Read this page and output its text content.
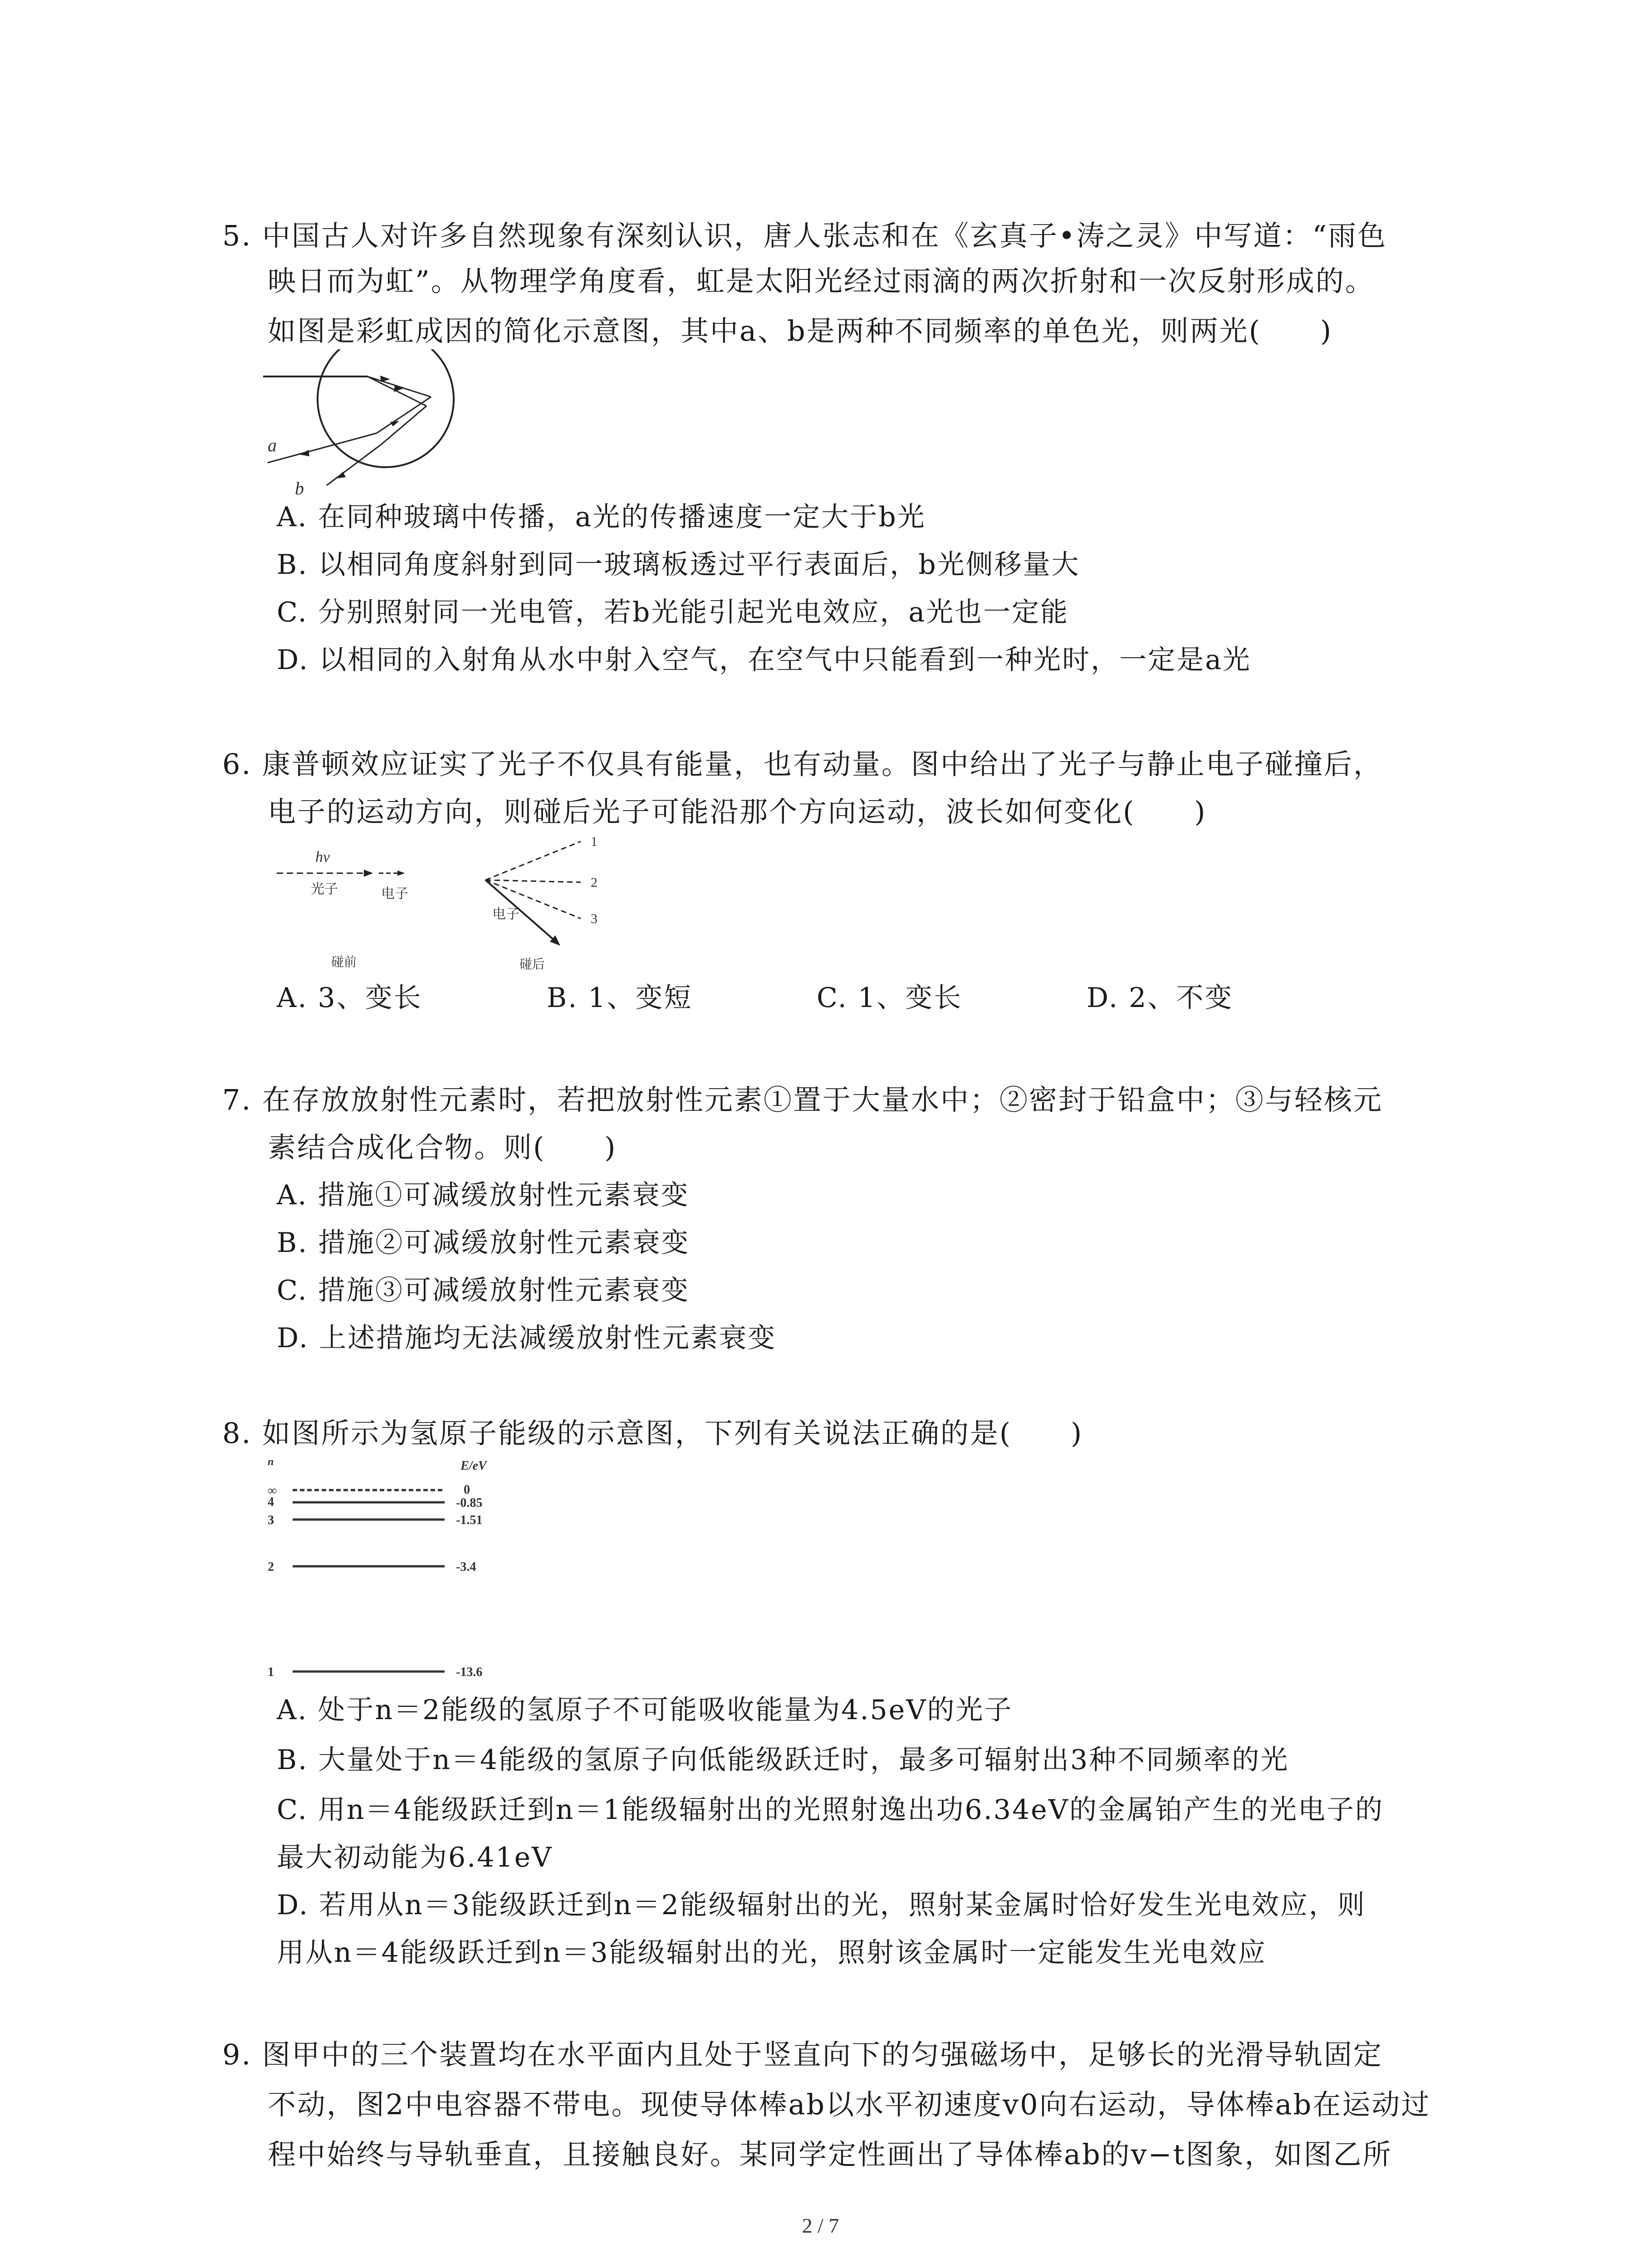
5. 中国古人对许多自然现象有深刻认识，唐人张志和在《玄真子•涛之灵》中写道：“雨色
映日而为虹”。从物理学角度看，虹是太阳光经过雨滴的两次折射和一次反射形成的。
如图是彩虹成因的简化示意图，其中a、b是两种不同频率的单色光，则两光(　　)
a
b
A. 在同种玻璃中传播，a光的传播速度一定大于b光
B. 以相同角度斜射到同一玻璃板透过平行表面后，b光侧移量大
C. 分别照射同一光电管，若b光能引起光电效应，a光也一定能
D. 以相同的入射角从水中射入空气，在空气中只能看到一种光时，一定是a光
6. 康普顿效应证实了光子不仅具有能量，也有动量。图中给出了光子与静止电子碰撞后，
电子的运动方向，则碰后光子可能沿那个方向运动，波长如何变化(　　)
hν
光子	电子
碰前
1
2
3
电子
碰后
A. 3、变长	B. 1、变短	C. 1、变长	D. 2、不变
7. 在存放放射性元素时，若把放射性元素①置于大量水中；②密封于铅盒中；③与轻核元
素结合成化合物。则(　　)
A. 措施①可减缓放射性元素衰变
B. 措施②可减缓放射性元素衰变
C. 措施③可减缓放射性元素衰变
D. 上述措施均无法减缓放射性元素衰变
8. 如图所示为氢原子能级的示意图，下列有关说法正确的是(　　)
n	E/eV
∞	0
4	-0.85
3	-1.51
2	-3.4
1	-13.6
A. 处于n＝2能级的氢原子不可能吸收能量为4.5eV的光子
B. 大量处于n＝4能级的氢原子向低能级跃迁时，最多可辐射出3种不同频率的光
C. 用n＝4能级跃迁到n＝1能级辐射出的光照射逸出功6.34eV的金属铂产生的光电子的
最大初动能为6.41eV
D. 若用从n＝3能级跃迁到n＝2能级辐射出的光，照射某金属时恰好发生光电效应，则
用从n＝4能级跃迁到n＝3能级辐射出的光，照射该金属时一定能发生光电效应
9. 图甲中的三个装置均在水平面内且处于竖直向下的匀强磁场中，足够长的光滑导轨固定
不动，图2中电容器不带电。现使导体棒ab以水平初速度v0向右运动，导体棒ab在运动过
程中始终与导轨垂直，且接触良好。某同学定性画出了导体棒ab的v−t图象，如图乙所
2 / 7
